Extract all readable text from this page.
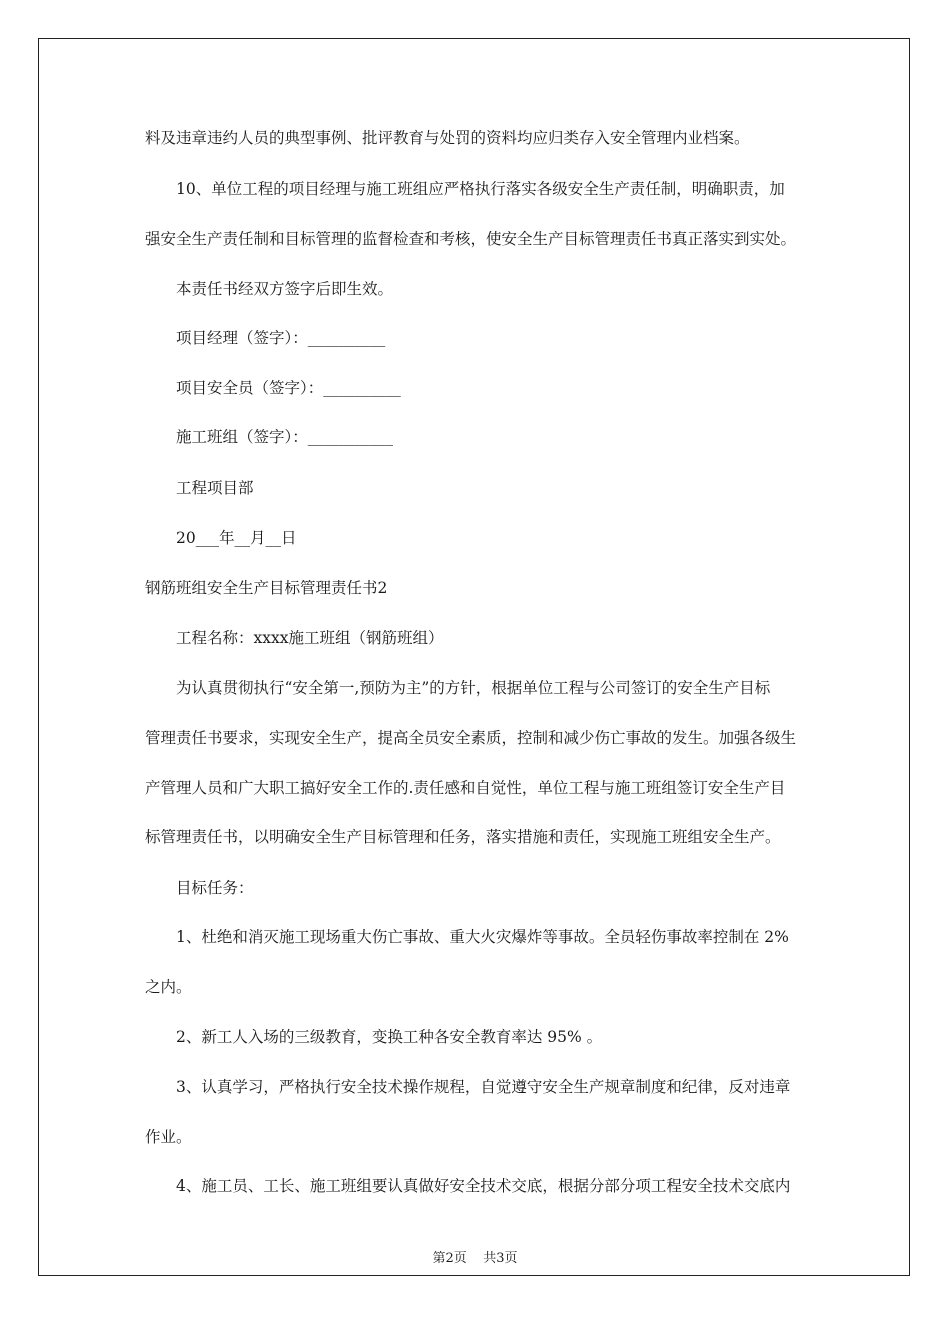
料及违章违约人员的典型事例、批评教育与处罚的资料均应归类存入安全管理内业档案。
10、单位工程的项目经理与施工班组应严格执行落实各级安全生产责任制，明确职责，加
强安全生产责任制和目标管理的监督检查和考核，使安全生产目标管理责任书真正落实到实处。
本责任书经双方签字后即生效。
项目经理（签字）：__________
项目安全员（签字）：__________
施工班组（签字）：___________
工程项目部
20___年__月__日
钢筋班组安全生产目标管理责任书2
工程名称：xxxx施工班组（钢筋班组）
为认真贯彻执行“安全第一,预防为主”的方针，根据单位工程与公司签订的安全生产目标
管理责任书要求，实现安全生产，提高全员安全素质，控制和减少伤亡事故的发生。加强各级生
产管理人员和广大职工搞好安全工作的.责任感和自觉性，单位工程与施工班组签订安全生产目
标管理责任书，以明确安全生产目标管理和任务，落实措施和责任，实现施工班组安全生产。
目标任务：
1、杜绝和消灭施工现场重大伤亡事故、重大火灾爆炸等事故。全员轻伤事故率控制在 2%
之内。
2、新工人入场的三级教育，变换工种各安全教育率达 95% 。
3、认真学习，严格执行安全技术操作规程，自觉遵守安全生产规章制度和纪律，反对违章
作业。
4、施工员、工长、施工班组要认真做好安全技术交底，根据分部分项工程安全技术交底内
第2页    共3页
